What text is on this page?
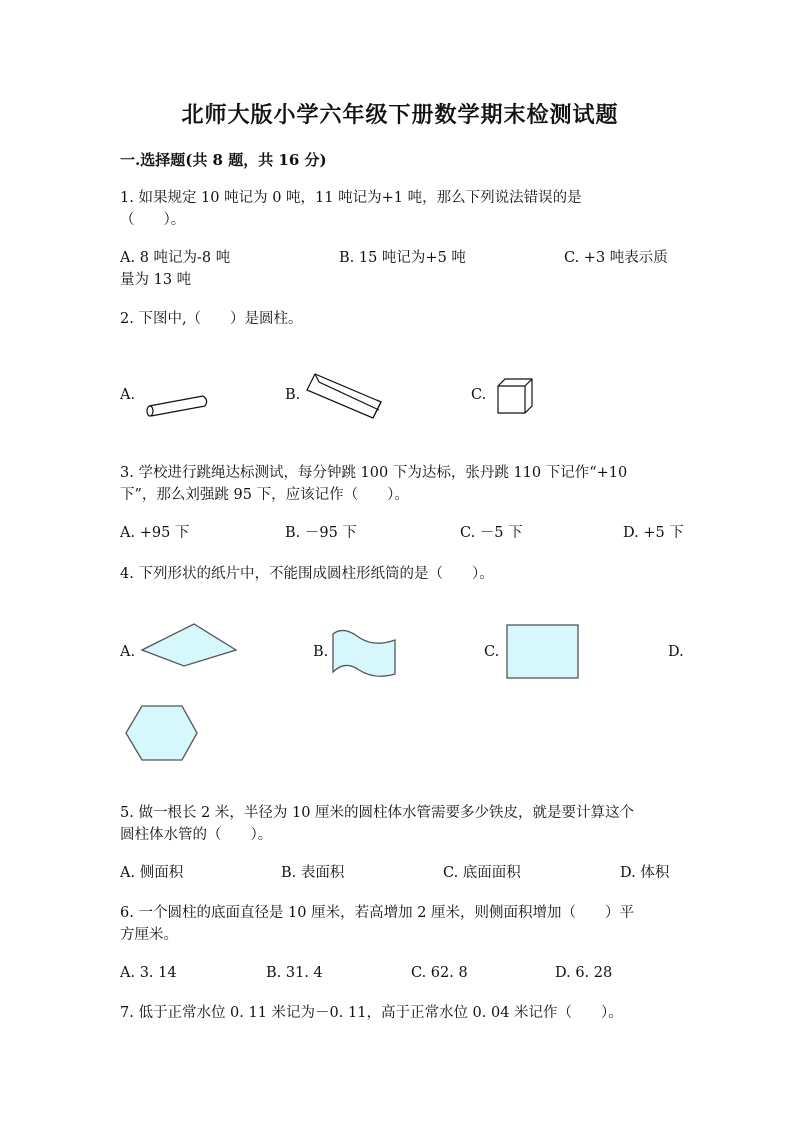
北师大版小学六年级下册数学期末检测试题
一.选择题(共 8 题，共 16 分)
1. 如果规定 10 吨记为 0 吨，11 吨记为+1 吨，那么下列说法错误的是
（　　）。
A. 8 吨记为-8 吨	B. 15 吨记为+5 吨	C. +3 吨表示质
量为 13 吨
2. 下图中,（　　）是圆柱。
A.	B.	C.
3. 学校进行跳绳达标测试，每分钟跳 100 下为达标，张丹跳 110 下记作“+10
下”，那么刘强跳 95 下，应该记作（　　）。
A. +95 下	B. －95 下	C. －5 下	D. +5 下
4. 下列形状的纸片中，不能围成圆柱形纸筒的是（　　）。
A.	B.	C.	D.
5. 做一根长 2 米，半径为 10 厘米的圆柱体水管需要多少铁皮，就是要计算这个
圆柱体水管的（　　）。
A. 侧面积	B. 表面积	C. 底面面积	D. 体积
6. 一个圆柱的底面直径是 10 厘米，若高增加 2 厘米，则侧面积增加（　　）平
方厘米。
A. 3. 14	B. 31. 4	C. 62. 8	D. 6. 28
7. 低于正常水位 0. 11 米记为－0. 11，高于正常水位 0. 04 米记作（　　）。
